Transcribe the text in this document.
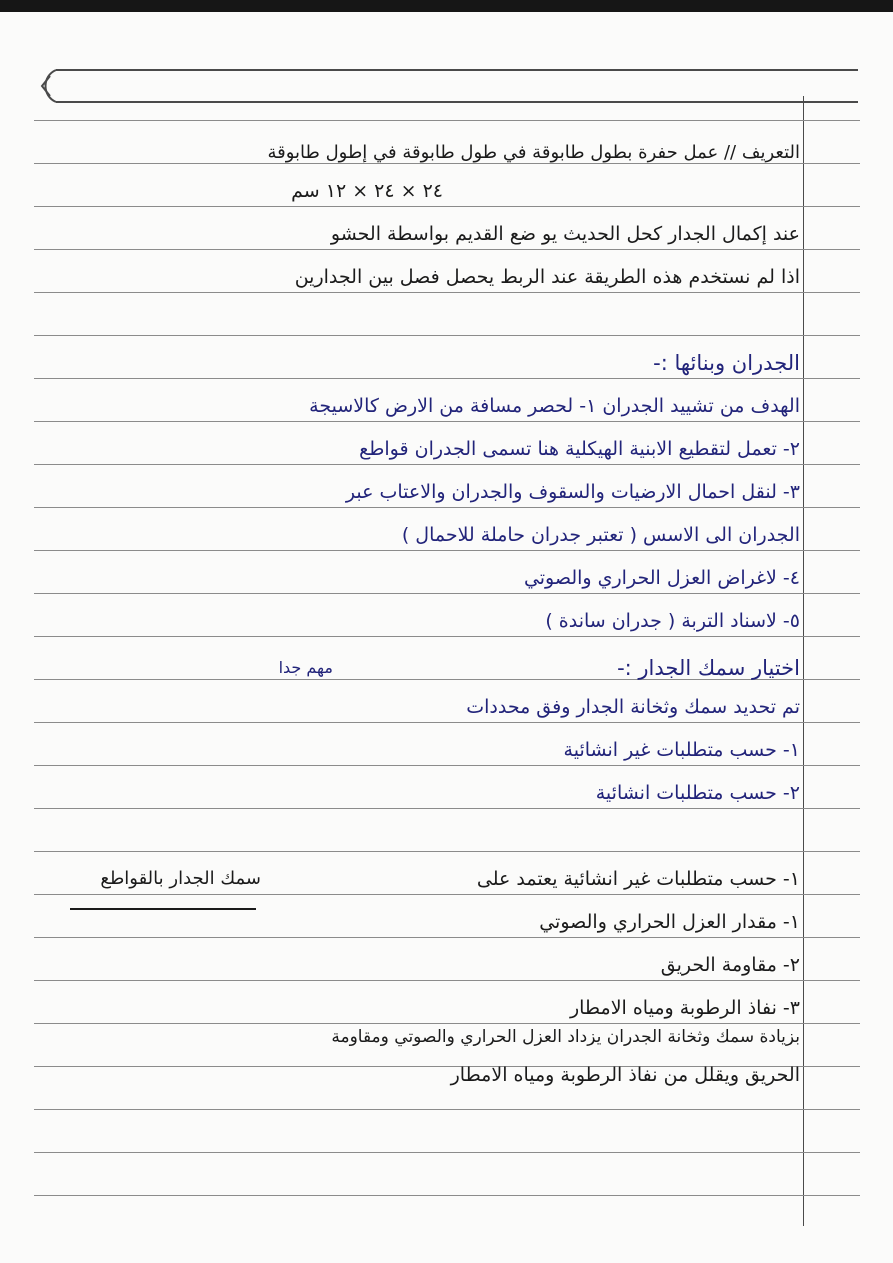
التعريف // عمل حفرة بطول طابوقة في طول طابوقة في إطول طابوقة
٢٤ × ٢٤ × ١٢ سم
عند إكمال الجدار كحل الحديث يو ضع القديم بواسطة الحشو
اذا لم نستخدم هذه الطريقة عند الربط يحصل فصل بين الجدارين
الجدران وبنائها :-
الهدف من تشييد الجدران ١- لحصر مسافة من الارض كالاسيجة
٢- تعمل لتقطيع الابنية الهيكلية هنا تسمى الجدران قواطع
٣- لنقل احمال الارضيات والسقوف والجدران والاعتاب عبر
الجدران الى الاسس ( تعتبر جدران حاملة للاحمال )
٤- لاغراض العزل الحراري والصوتي
٥- لاسناد التربة ( جدران ساندة )
اختيار سمك الجدار :-
مهم جدا
تم تحديد سمك وثخانة الجدار وفق محددات
١- حسب متطلبات غير انشائية
٢- حسب متطلبات انشائية
١- حسب متطلبات غير انشائية يعتمد على
سمك الجدار بالقواطع
١- مقدار العزل الحراري والصوتي
٢- مقاومة الحريق
٣- نفاذ الرطوبة ومياه الامطار
بزيادة سمك وثخانة الجدران يزداد العزل الحراري والصوتي ومقاومة
الحريق ويقلل من نفاذ الرطوبة ومياه الامطار
